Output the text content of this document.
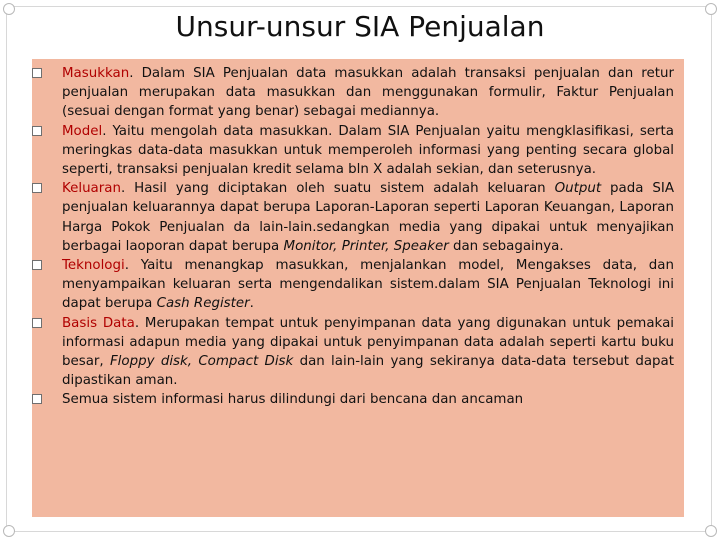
Unsur-unsur SIA Penjualan
Masukkan. Dalam SIA Penjualan data masukkan adalah transaksi penjualan dan retur penjualan merupakan data masukkan dan menggunakan formulir, Faktur Penjualan (sesuai dengan format yang benar) sebagai mediannya.
Model. Yaitu mengolah data masukkan. Dalam SIA Penjualan yaitu mengklasifikasi, serta meringkas data-data masukkan untuk memperoleh informasi yang penting secara global seperti, transaksi penjualan kredit selama bln X adalah sekian, dan seterusnya.
Keluaran. Hasil yang diciptakan oleh suatu sistem adalah keluaran Output pada SIA penjualan keluarannya dapat berupa Laporan-Laporan seperti Laporan Keuangan, Laporan Harga Pokok Penjualan da lain-lain.sedangkan media yang dipakai untuk menyajikan berbagai laoporan dapat berupa Monitor, Printer, Speaker dan sebagainya.
Teknologi. Yaitu menangkap masukkan, menjalankan model, Mengakses data, dan menyampaikan keluaran serta mengendalikan sistem.dalam SIA Penjualan Teknologi ini dapat berupa Cash Register.
Basis Data. Merupakan tempat untuk penyimpanan data yang digunakan untuk pemakai informasi adapun media yang dipakai untuk penyimpanan data adalah seperti kartu buku besar, Floppy disk, Compact Disk dan lain-lain yang sekiranya data-data tersebut dapat dipastikan aman.
Semua sistem informasi harus dilindungi dari bencana dan ancaman
